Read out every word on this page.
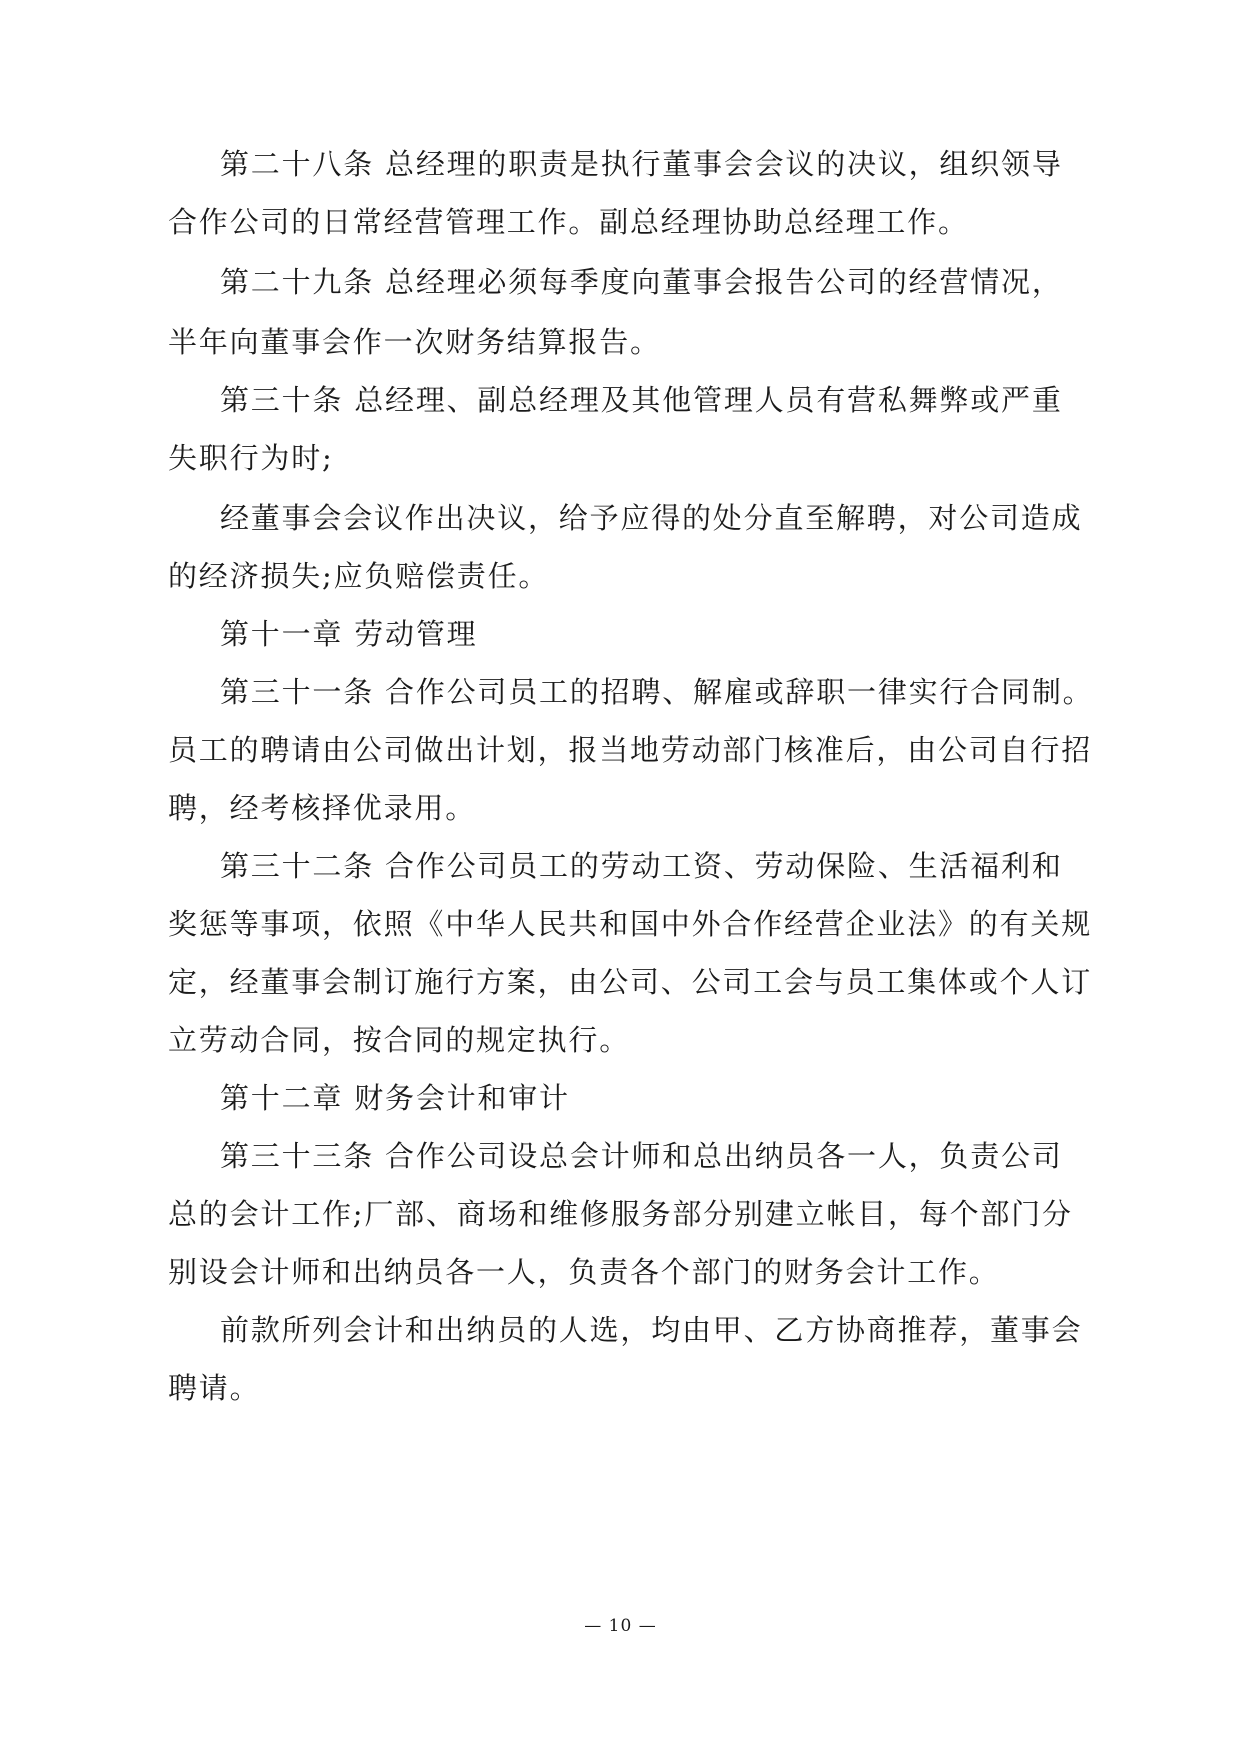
第二十八条 总经理的职责是执行董事会会议的决议，组织领导
合作公司的日常经营管理工作。副总经理协助总经理工作。
第二十九条 总经理必须每季度向董事会报告公司的经营情况，
半年向董事会作一次财务结算报告。
第三十条 总经理、副总经理及其他管理人员有营私舞弊或严重
失职行为时;
经董事会会议作出决议，给予应得的处分直至解聘，对公司造成
的经济损失;应负赔偿责任。
第十一章 劳动管理
第三十一条 合作公司员工的招聘、解雇或辞职一律实行合同制。
员工的聘请由公司做出计划，报当地劳动部门核准后，由公司自行招
聘，经考核择优录用。
第三十二条 合作公司员工的劳动工资、劳动保险、生活福利和
奖惩等事项，依照《中华人民共和国中外合作经营企业法》的有关规
定，经董事会制订施行方案，由公司、公司工会与员工集体或个人订
立劳动合同，按合同的规定执行。
第十二章 财务会计和审计
第三十三条 合作公司设总会计师和总出纳员各一人，负责公司
总的会计工作;厂部、商场和维修服务部分别建立帐目，每个部门分
别设会计师和出纳员各一人，负责各个部门的财务会计工作。
前款所列会计和出纳员的人选，均由甲、乙方协商推荐，董事会
聘请。
— 10 —
